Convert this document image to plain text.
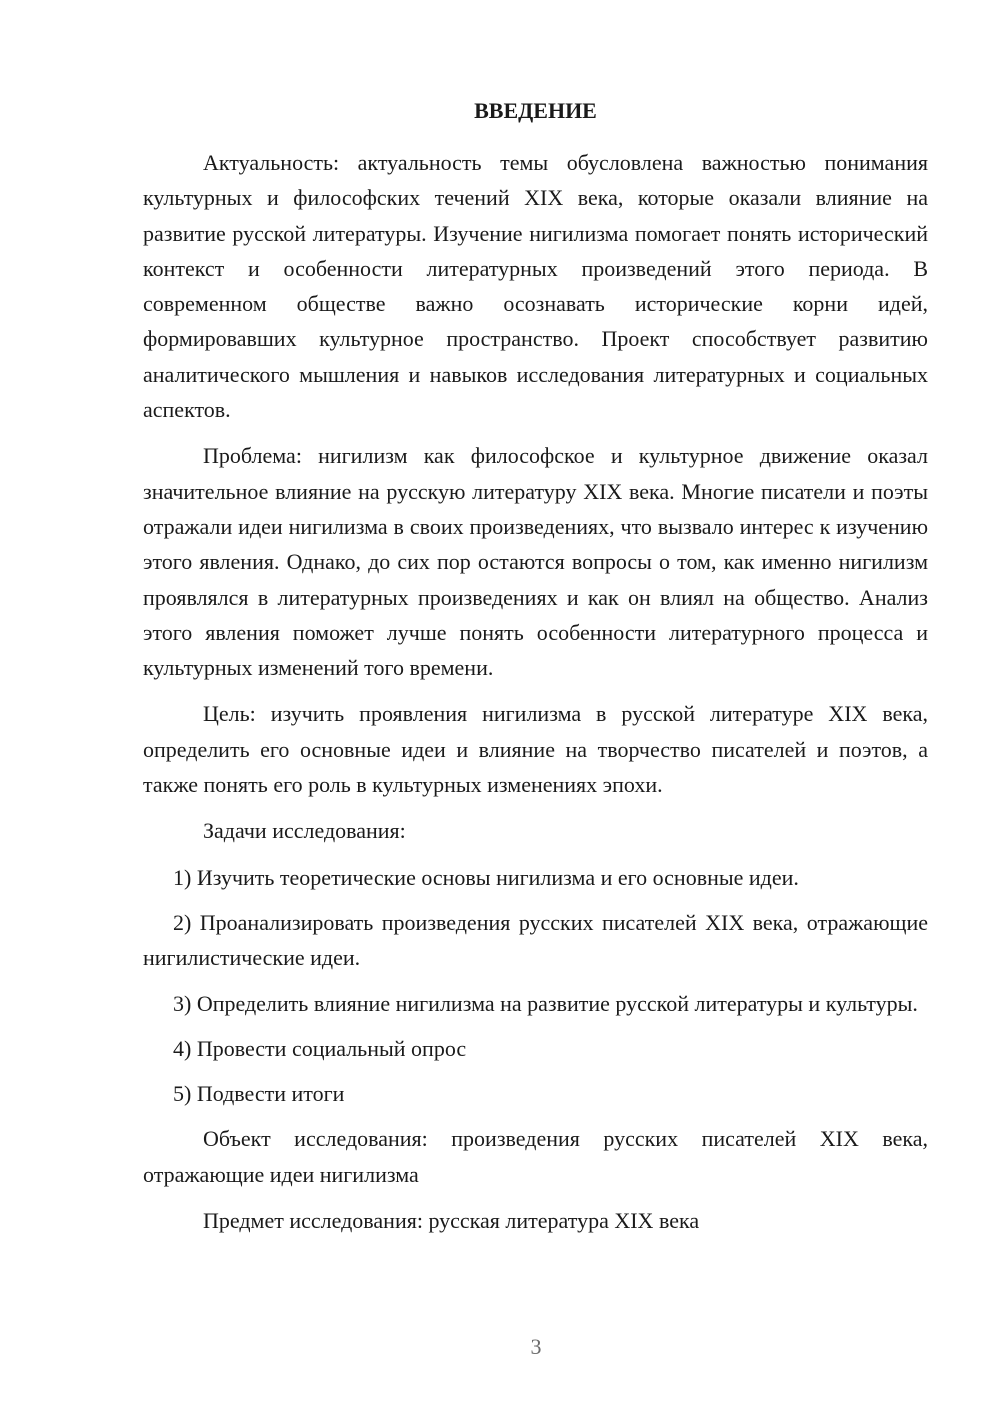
ВВЕДЕНИЕ

Актуальность: актуальность темы обусловлена важностью понимания культурных и философских течений XIX века, которые оказали влияние на развитие русской литературы. Изучение нигилизма помогает понять исторический контекст и особенности литературных произведений этого периода. В современном обществе важно осознавать исторические корни идей, формировавших культурное пространство. Проект способствует развитию аналитического мышления и навыков исследования литературных и социальных аспектов.

Проблема: нигилизм как философское и культурное движение оказал значительное влияние на русскую литературу XIX века. Многие писатели и поэты отражали идеи нигилизма в своих произведениях, что вызвало интерес к изучению этого явления. Однако, до сих пор остаются вопросы о том, как именно нигилизм проявлялся в литературных произведениях и как он влиял на общество. Анализ этого явления поможет лучше понять особенности литературного процесса и культурных изменений того времени.

Цель: изучить проявления нигилизма в русской литературе XIX века, определить его основные идеи и влияние на творчество писателей и поэтов, а также понять его роль в культурных изменениях эпохи.

Задачи исследования:

1) Изучить теоретические основы нигилизма и его основные идеи.

2) Проанализировать произведения русских писателей XIX века, отражающие нигилистические идеи.

3) Определить влияние нигилизма на развитие русской литературы и культуры.

4) Провести социальный опрос

5) Подвести итоги

Объект исследования: произведения русских писателей XIX века, отражающие идеи нигилизма

Предмет исследования: русская литература XIX века

3
